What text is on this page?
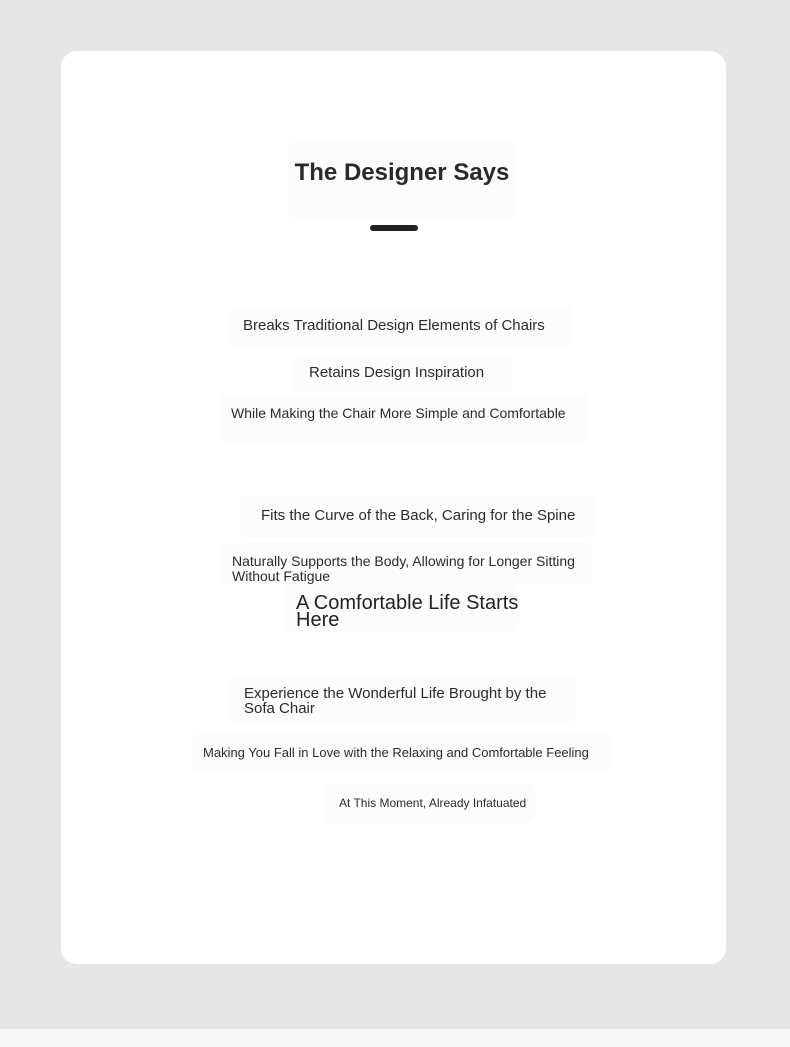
The Designer Says
Breaks Traditional Design Elements of Chairs
Retains Design Inspiration
While Making the Chair More Simple and Comfortable
Fits the Curve of the Back, Caring for the Spine
Naturally Supports the Body, Allowing for Longer Sitting Without Fatigue
A Comfortable Life Starts Here
Experience the Wonderful Life Brought by the Sofa Chair
Making You Fall in Love with the Relaxing and Comfortable Feeling
At This Moment, Already Infatuated
